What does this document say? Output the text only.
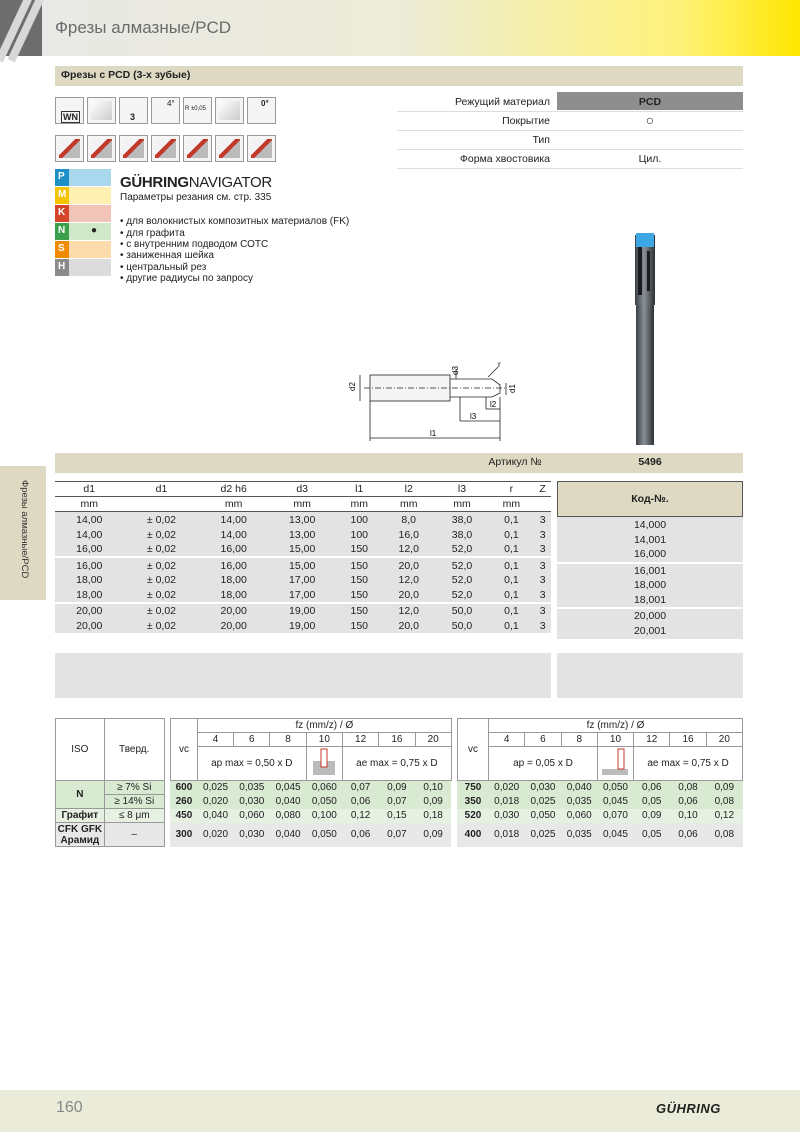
Фрезы алмазные/PCD
Фрезы с PCD (3-х зубые)
WN	3
4°
R ±0,05
0°	Режущий материал	PCD
Покрытие	○
Тип
Форма хвостовика	Цил.
P
M
K
N	●
S
H
GÜHRINGNAVIGATOR
Параметры резания см. стр. 335
• для волокнистых композитных материалов (FK)
• для графита
• с внутренним подводом СОТС
• заниженная шейка
• центральный рез
• другие радиусы по запросу
Фрезы алмазные/PCD
d2
d3
d1
r
l1
l2
l3
Артикул №	5496
d1	d1	d2 h6	d3	l1	l2	l3	r	Z
mm		mm	mm	mm	mm	mm	mm	
14,00	± 0,02	14,00	13,00	100	8,0	38,0	0,1	3
14,00	± 0,02	14,00	13,00	100	16,0	38,0	0,1	3
16,00	± 0,02	16,00	15,00	150	12,0	52,0	0,1	3
16,00	± 0,02	16,00	15,00	150	20,0	52,0	0,1	3
18,00	± 0,02	18,00	17,00	150	12,0	52,0	0,1	3
18,00	± 0,02	18,00	17,00	150	20,0	52,0	0,1	3
20,00	± 0,02	20,00	19,00	150	12,0	50,0	0,1	3
20,00	± 0,02	20,00	19,00	150	20,0	50,0	0,1	3
Код-№.
14,000
14,001
16,000
16,001
18,000
18,001
20,000
20,001
ISO	Тверд.		vc	fz (mm/z) / Ø								vc	fz (mm/z) / Ø						
				4	6	8	10	12	16	20			4	6	8	10	12	16	20
				ap max = 0,50 x D				ae max = 0,75 x D					ap = 0,05 x D				ae max = 0,75 x D		
N	≥ 7% Si		600	0,025	0,035	0,045	0,060	0,07	0,09	0,10		750	0,020	0,030	0,040	0,050	0,06	0,08	0,09
	≥ 14% Si		260	0,020	0,030	0,040	0,050	0,06	0,07	0,09		350	0,018	0,025	0,035	0,045	0,05	0,06	0,08
Графит	≤ 8 μm		450	0,040	0,060	0,080	0,100	0,12	0,15	0,18		520	0,030	0,050	0,060	0,070	0,09	0,10	0,12
CFK GFK Арамид	–		300	0,020	0,030	0,040	0,050	0,06	0,07	0,09		400	0,018	0,025	0,035	0,045	0,05	0,06	0,08
160	GÜHRING
